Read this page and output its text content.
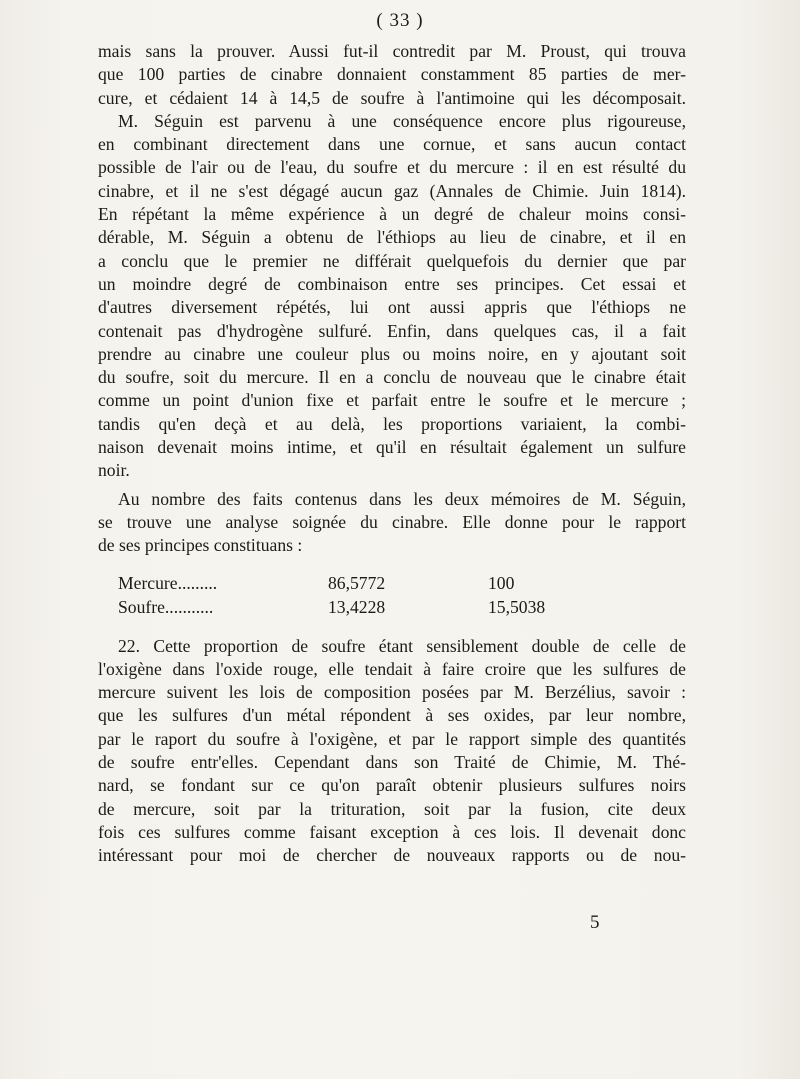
( 33 )
mais sans la prouver. Aussi fut-il contredit par M. Proust, qui trouva
que 100 parties de cinabre donnaient constamment 85 parties de mer-
cure, et cédaient 14 à 14,5 de soufre à l'antimoine qui les décomposait.
M. Séguin est parvenu à une conséquence encore plus rigoureuse,
en combinant directement dans une cornue, et sans aucun contact
possible de l'air ou de l'eau, du soufre et du mercure : il en est résulté du
cinabre, et il ne s'est dégagé aucun gaz (Annales de Chimie. Juin 1814).
En répétant la même expérience à un degré de chaleur moins consi-
dérable, M. Séguin a obtenu de l'éthiops au lieu de cinabre, et il en
a conclu que le premier ne différait quelquefois du dernier que par
un moindre degré de combinaison entre ses principes. Cet essai et
d'autres diversement répétés, lui ont aussi appris que l'éthiops ne
contenait pas d'hydrogène sulfuré. Enfin, dans quelques cas, il a fait
prendre au cinabre une couleur plus ou moins noire, en y ajoutant soit
du soufre, soit du mercure. Il en a conclu de nouveau que le cinabre était
comme un point d'union fixe et parfait entre le soufre et le mercure ;
tandis qu'en deçà et au delà, les proportions variaient, la combi-
naison devenait moins intime, et qu'il en résultait également un sulfure
noir.
Au nombre des faits contenus dans les deux mémoires de M. Séguin,
se trouve une analyse soignée du cinabre. Elle donne pour le rapport
de ses principes constituans :
Mercure.........	86,5772	100
Soufre...........	13,4228	15,5038
22. Cette proportion de soufre étant sensiblement double de celle de
l'oxigène dans l'oxide rouge, elle tendait à faire croire que les sulfures de
mercure suivent les lois de composition posées par M. Berzélius, savoir :
que les sulfures d'un métal répondent à ses oxides, par leur nombre,
par le raport du soufre à l'oxigène, et par le rapport simple des quantités
de soufre entr'elles. Cependant dans son Traité de Chimie, M. Thé-
nard, se fondant sur ce qu'on paraît obtenir plusieurs sulfures noirs
de mercure, soit par la trituration, soit par la fusion, cite deux
fois ces sulfures comme faisant exception à ces lois. Il devenait donc
intéressant pour moi de chercher de nouveaux rapports ou de nou-
5
